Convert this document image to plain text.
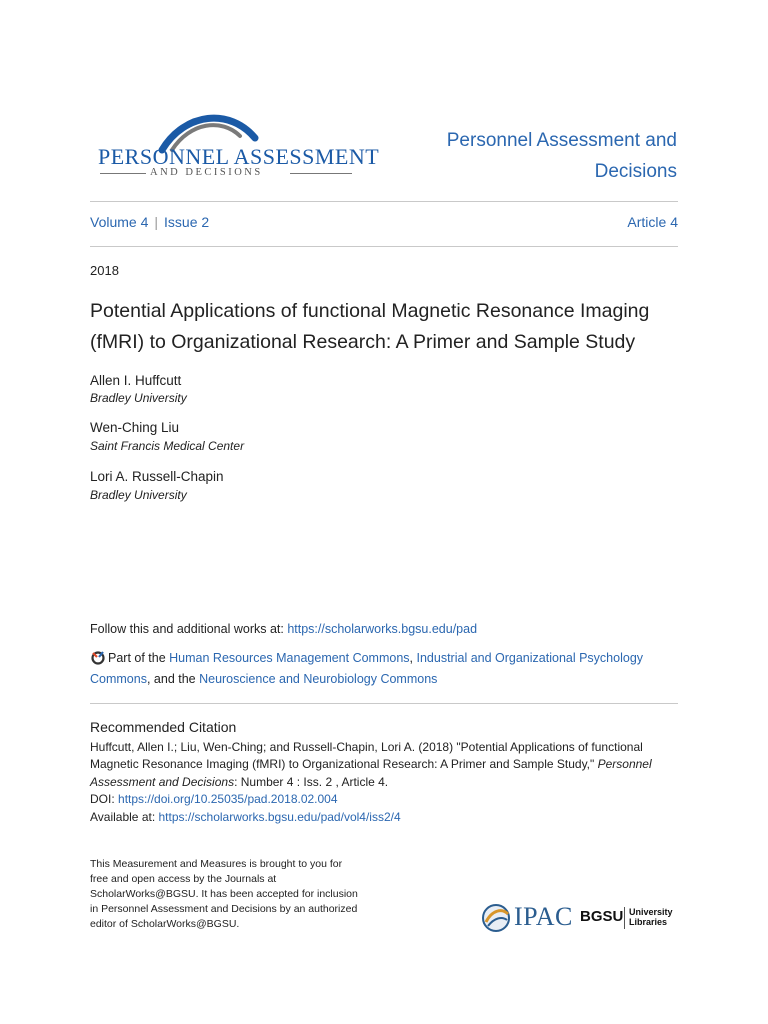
PERSONNEL ASSESSMENT
AND DECISIONS
Personnel Assessment and
Decisions
Volume 4 | Issue 2	Article 4
2018
Potential Applications of functional Magnetic Resonance Imaging
(fMRI) to Organizational Research: A Primer and Sample Study
Allen I. Huffcutt
Bradley University
Wen-Ching Liu
Saint Francis Medical Center
Lori A. Russell-Chapin
Bradley University
Follow this and additional works at: https://scholarworks.bgsu.edu/pad
Part of the Human Resources Management Commons, Industrial and Organizational Psychology
Commons, and the Neuroscience and Neurobiology Commons
Recommended Citation
Huffcutt, Allen I.; Liu, Wen-Ching; and Russell-Chapin, Lori A. (2018) "Potential Applications of functional
Magnetic Resonance Imaging (fMRI) to Organizational Research: A Primer and Sample Study," Personnel
Assessment and Decisions: Number 4 : Iss. 2 , Article 4.
DOI: https://doi.org/10.25035/pad.2018.02.004
Available at: https://scholarworks.bgsu.edu/pad/vol4/iss2/4
This Measurement and Measures is brought to you for
free and open access by the Journals at
ScholarWorks@BGSU. It has been accepted for inclusion
in Personnel Assessment and Decisions by an authorized
editor of ScholarWorks@BGSU.	IPAC BGSU University
Libraries
